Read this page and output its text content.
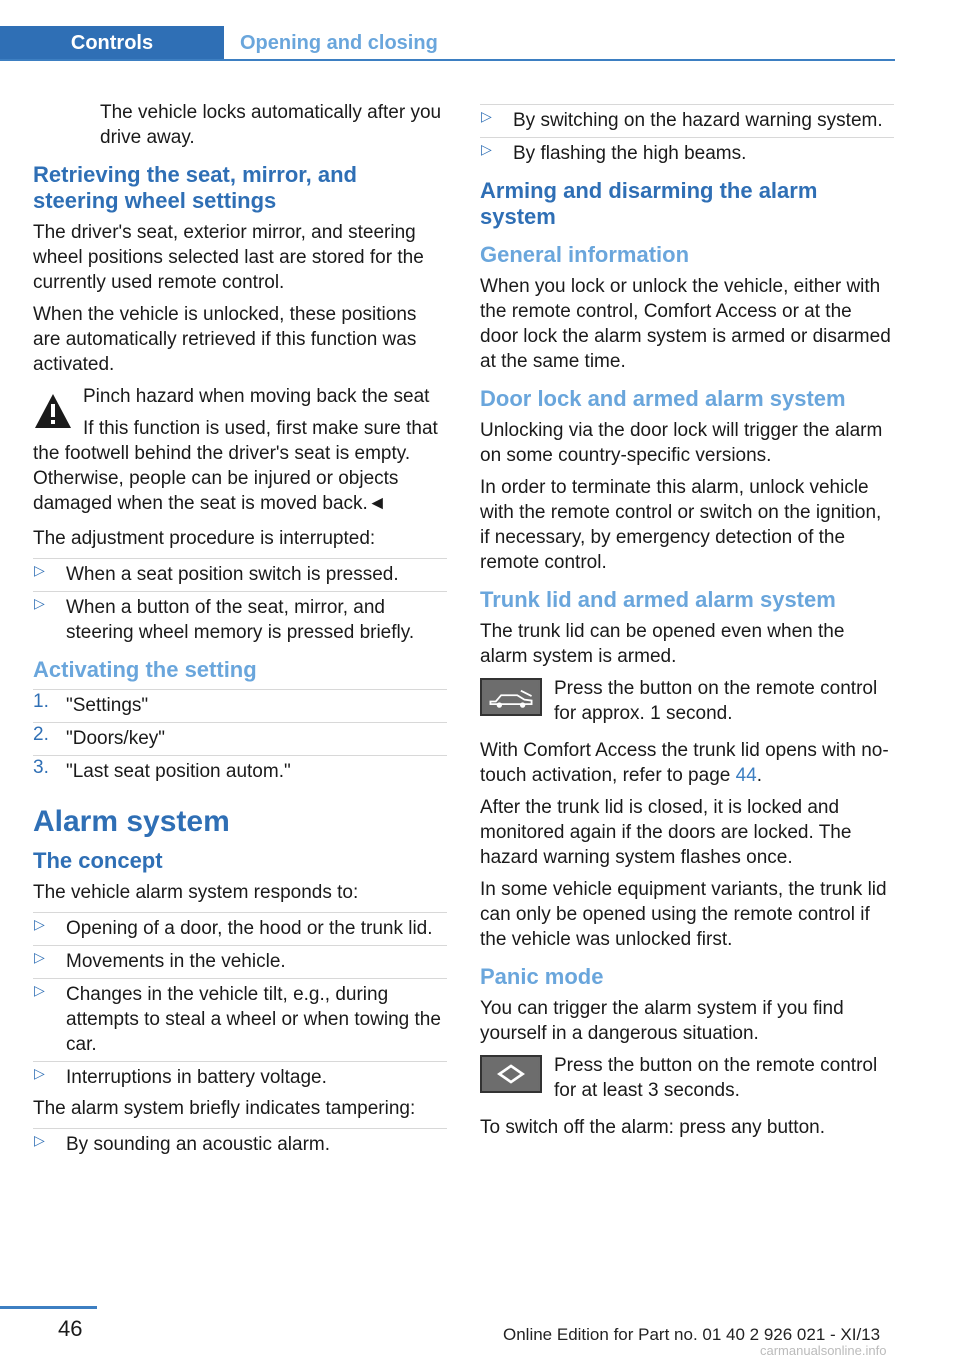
Controls	Opening and closing

The vehicle locks automatically after you drive away.

Retrieving the seat, mirror, and steering wheel settings

The driver's seat, exterior mirror, and steering wheel positions selected last are stored for the currently used remote control.

When the vehicle is unlocked, these positions are automatically retrieved if this function was activated.

Pinch hazard when moving back the seat
If this function is used, first make sure that the footwell behind the driver's seat is empty. Otherwise, people can be injured or objects damaged when the seat is moved back.◄

The adjustment procedure is interrupted:

▷ When a seat position switch is pressed.
▷ When a button of the seat, mirror, and steering wheel memory is pressed briefly.
Activating the setting
1. "Settings"
2. "Doors/key"
3. "Last seat position autom."
Alarm system
The concept

The vehicle alarm system responds to:

▷ Opening of a door, the hood or the trunk lid.
▷ Movements in the vehicle.
▷ Changes in the vehicle tilt, e.g., during attempts to steal a wheel or when towing the car.
▷ Interruptions in battery voltage.

The alarm system briefly indicates tampering:

▷ By sounding an acoustic alarm.
▷ By switching on the hazard warning system.
▷ By flashing the high beams.
Arming and disarming the alarm system
General information

When you lock or unlock the vehicle, either with the remote control, Comfort Access or at the door lock the alarm system is armed or disarmed at the same time.

Door lock and armed alarm system

Unlocking via the door lock will trigger the alarm on some country-specific versions.

In order to terminate this alarm, unlock vehicle with the remote control or switch on the ignition, if necessary, by emergency detection of the remote control.

Trunk lid and armed alarm system

The trunk lid can be opened even when the alarm system is armed.

Press the button on the remote control for approx. 1 second.

With Comfort Access the trunk lid opens with no-touch activation, refer to page 44.

After the trunk lid is closed, it is locked and monitored again if the doors are locked. The hazard warning system flashes once.

In some vehicle equipment variants, the trunk lid can only be opened using the remote control if the vehicle was unlocked first.

Panic mode

You can trigger the alarm system if you find yourself in a dangerous situation.

Press the button on the remote control for at least 3 seconds.

To switch off the alarm: press any button.

46	Online Edition for Part no. 01 40 2 926 021 - XI/13
carmanualsonline.info
